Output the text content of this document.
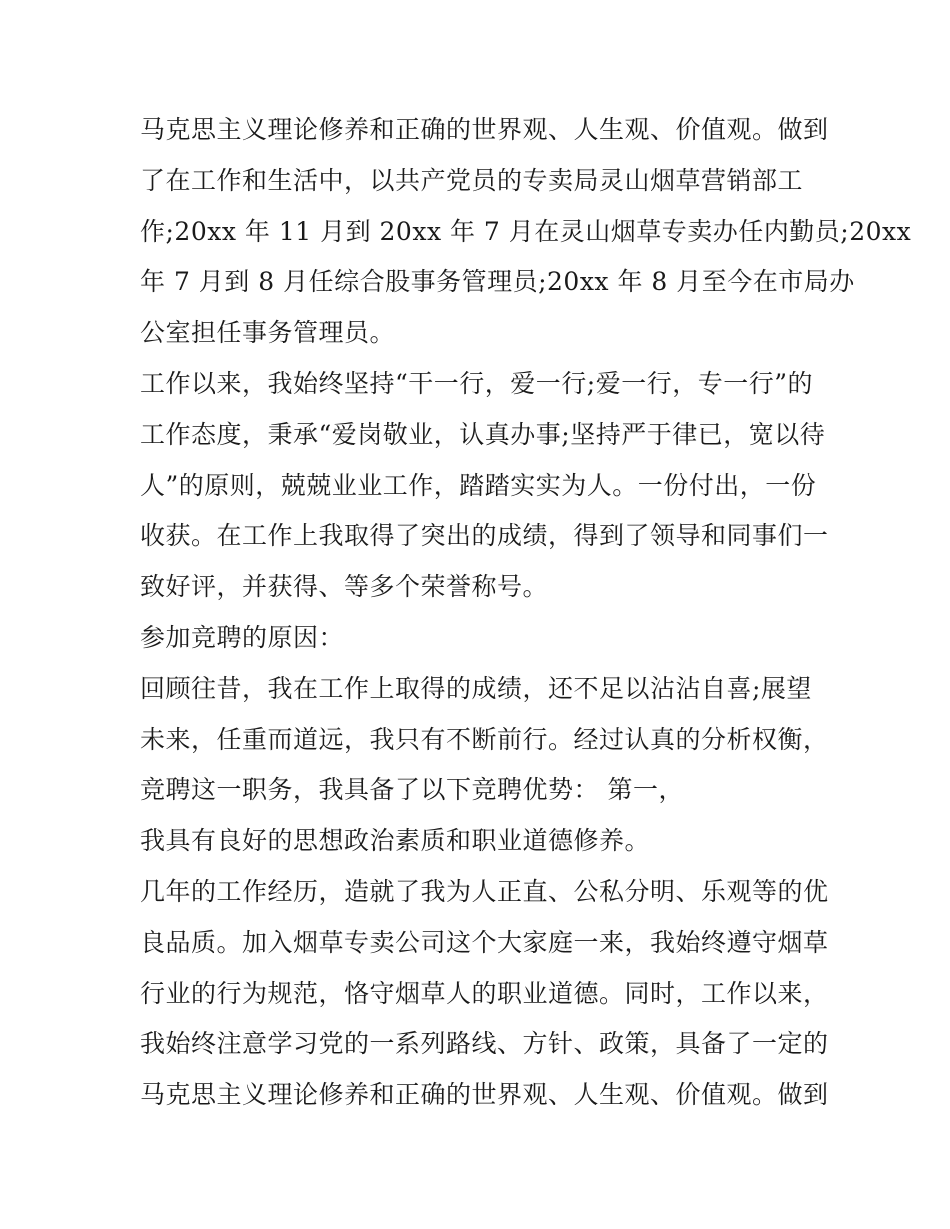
马克思主义理论修养和正确的世界观、人生观、价值观。做到
了在工作和生活中，以共产党员的专卖局灵山烟草营销部工
作;20xx 年 11 月到 20xx 年 7 月在灵山烟草专卖办任内勤员;20xx
年 7 月到 8 月任综合股事务管理员;20xx 年 8 月至今在市局办
公室担任事务管理员。
工作以来，我始终坚持“干一行，爱一行;爱一行，专一行”的
工作态度，秉承“爱岗敬业，认真办事;坚持严于律已，宽以待
人”的原则，兢兢业业工作，踏踏实实为人。一份付出，一份
收获。在工作上我取得了突出的成绩，得到了领导和同事们一
致好评，并获得、等多个荣誉称号。
参加竞聘的原因：
回顾往昔，我在工作上取得的成绩，还不足以沾沾自喜;展望
未来，任重而道远，我只有不断前行。经过认真的分析权衡，
竞聘这一职务，我具备了以下竞聘优势： 第一，
我具有良好的思想政治素质和职业道德修养。
几年的工作经历，造就了我为人正直、公私分明、乐观等的优
良品质。加入烟草专卖公司这个大家庭一来，我始终遵守烟草
行业的行为规范，恪守烟草人的职业道德。同时，工作以来，
我始终注意学习党的一系列路线、方针、政策，具备了一定的
马克思主义理论修养和正确的世界观、人生观、价值观。做到
